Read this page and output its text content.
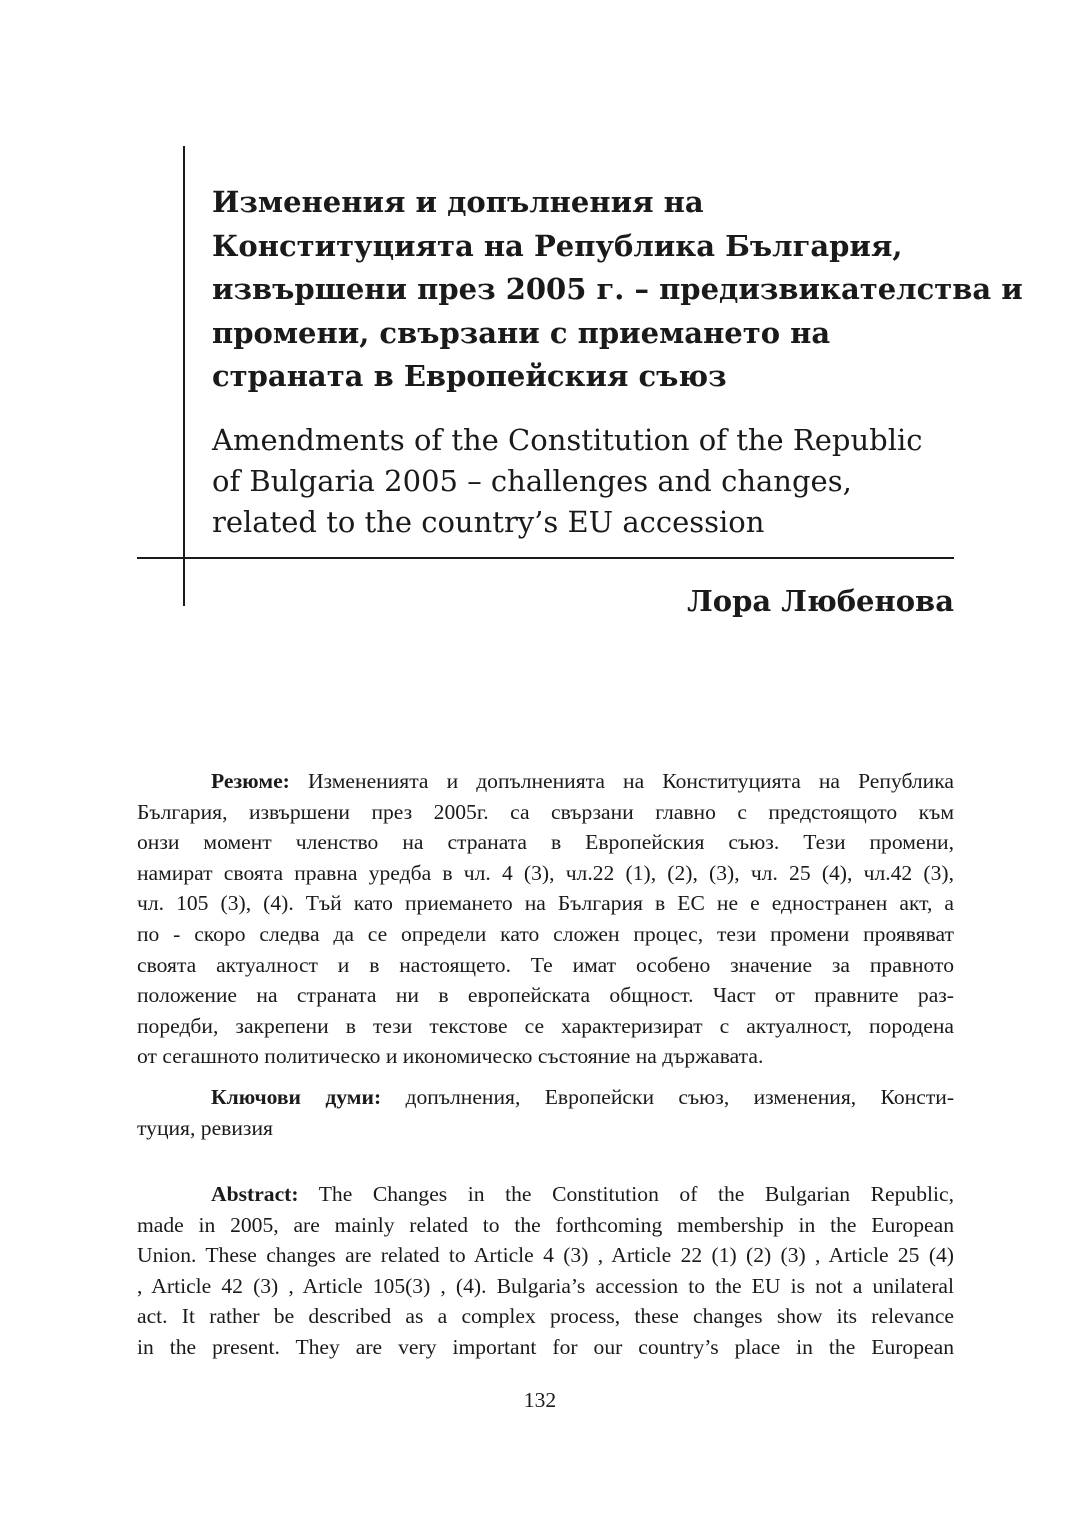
Изменения и допълнения на
Конституцията на Република България,
извършени през 2005 г. – предизвикателства и
промени, свързани с приемането на
страната в Европейския съюз
Amendments of the Constitution of the Republic
of Bulgaria 2005 – challenges and changes,
related to the country’s EU accession
Лора Любенова
Резюме: Измененията и допълненията на Конституцията на Република
България, извършени през 2005г. са свързани главно с предстоящото към
онзи момент членство на страната в Европейския съюз. Тези промени,
намират своята правна уредба в чл. 4 (3), чл.22 (1), (2), (3), чл. 25 (4), чл.42 (3),
чл. 105 (3), (4). Тъй като приемането на България в ЕС не е едностранен акт, а
по - скоро следва да се определи като сложен процес, тези промени проявяват
своята актуалност и в настоящето. Те имат особено значение за правното
положение на страната ни в европейската общност. Част от правните раз-
поредби, закрепени в тези текстове се характеризират с актуалност, породена
от сегашното политическо и икономическо състояние на държавата.
Ключови думи: допълнения, Европейски съюз, изменения, Консти-
туция, ревизия
Abstract: The Changes in the Constitution of the Bulgarian Republic,
made in 2005, are mainly related to the forthcoming membership in the European
Union. These changes are related to Article 4 (3) , Article 22 (1) (2) (3) , Article 25 (4)
, Article 42 (3) , Article 105(3) , (4). Bulgaria’s accession to the EU is not a unilateral
act. It rather be described as a complex process, these changes show its relevance
in the present. They are very important for our country’s place in the European
132
